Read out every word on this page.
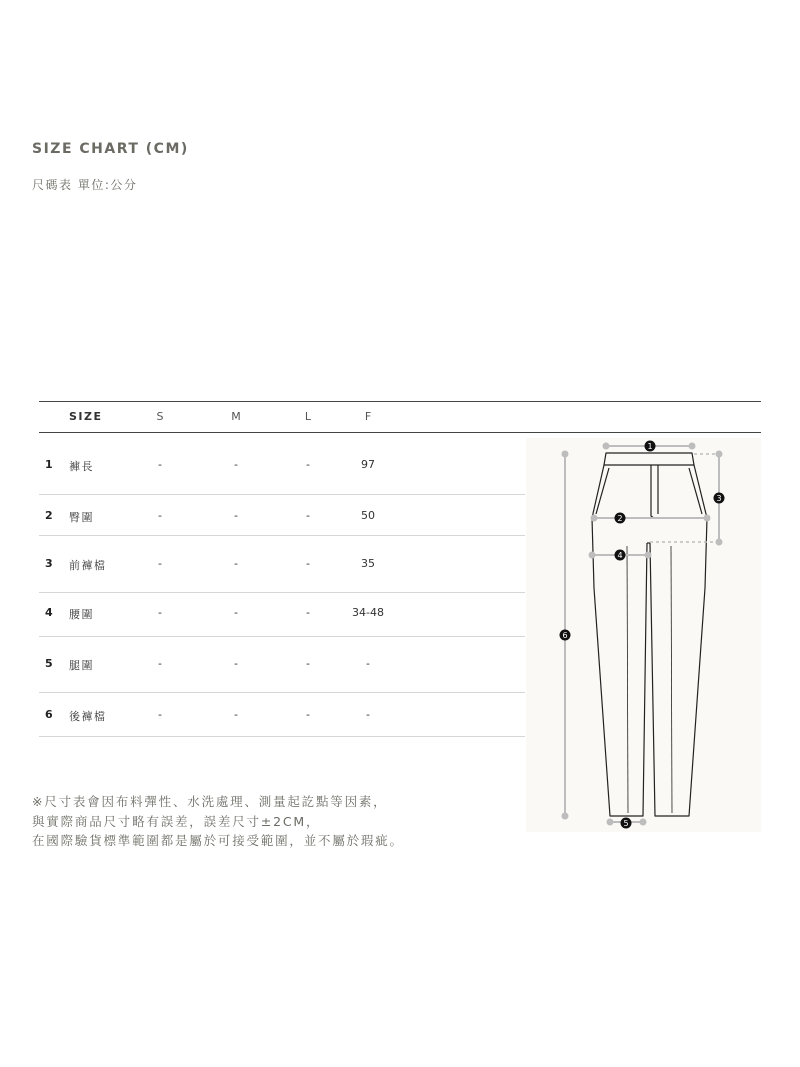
SIZE CHART (CM)
尺碼表 單位:公分
SIZE	S	M	L	F
1 褲長	-	-	-	97
2 臀圍	-	-	-	50
3 前褲檔	-	-	-	35
4 腰圍	-	-	-	34-48
5 腿圍	-	-	-	-
6 後褲檔	-	-	-	-
1
2
3
4
5
6
※尺寸表會因布料彈性、水洗處理、測量起訖點等因素，
與實際商品尺寸略有誤差，誤差尺寸±2CM，
在國際驗貨標準範圍都是屬於可接受範圍，並不屬於瑕疵。
